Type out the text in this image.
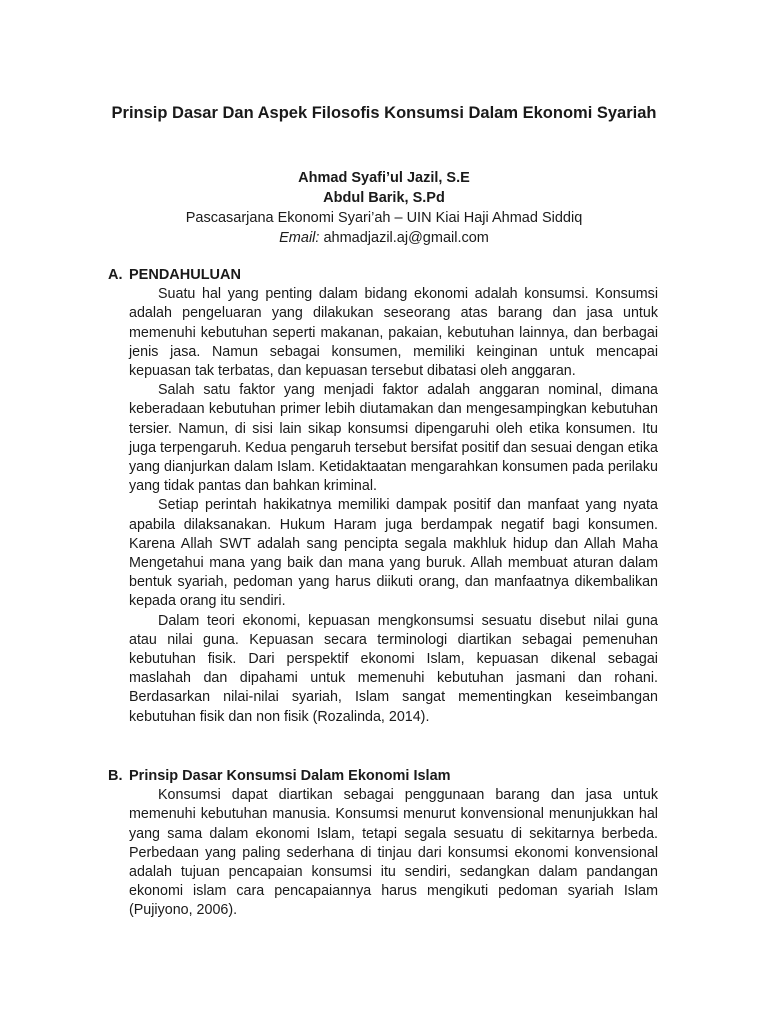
Prinsip Dasar Dan Aspek Filosofis Konsumsi Dalam Ekonomi Syariah
Ahmad Syafi’ul Jazil, S.E
Abdul Barik, S.Pd
Pascasarjana Ekonomi Syari’ah – UIN Kiai Haji Ahmad Siddiq
Email: ahmadjazil.aj@gmail.com
A. PENDAHULUAN

Suatu hal yang penting dalam bidang ekonomi adalah konsumsi. Konsumsi adalah pengeluaran yang dilakukan seseorang atas barang dan jasa untuk memenuhi kebutuhan seperti makanan, pakaian, kebutuhan lainnya, dan berbagai jenis jasa. Namun sebagai konsumen, memiliki keinginan untuk mencapai kepuasan tak terbatas, dan kepuasan tersebut dibatasi oleh anggaran.

Salah satu faktor yang menjadi faktor adalah anggaran nominal, dimana keberadaan kebutuhan primer lebih diutamakan dan mengesampingkan kebutuhan tersier. Namun, di sisi lain sikap konsumsi dipengaruhi oleh etika konsumen. Itu juga terpengaruh. Kedua pengaruh tersebut bersifat positif dan sesuai dengan etika yang dianjurkan dalam Islam. Ketidaktaatan mengarahkan konsumen pada perilaku yang tidak pantas dan bahkan kriminal.

Setiap perintah hakikatnya memiliki dampak positif dan manfaat yang nyata apabila dilaksanakan. Hukum Haram juga berdampak negatif bagi konsumen. Karena Allah SWT adalah sang pencipta segala makhluk hidup dan Allah Maha Mengetahui mana yang baik dan mana yang buruk. Allah membuat aturan dalam bentuk syariah, pedoman yang harus diikuti orang, dan manfaatnya dikembalikan kepada orang itu sendiri.

Dalam teori ekonomi, kepuasan mengkonsumsi sesuatu disebut nilai guna atau nilai guna. Kepuasan secara terminologi diartikan sebagai pemenuhan kebutuhan fisik. Dari perspektif ekonomi Islam, kepuasan dikenal sebagai maslahah dan dipahami untuk memenuhi kebutuhan jasmani dan rohani. Berdasarkan nilai-nilai syariah, Islam sangat mementingkan keseimbangan kebutuhan fisik dan non fisik (Rozalinda, 2014).

B. Prinsip Dasar Konsumsi Dalam Ekonomi Islam

Konsumsi dapat diartikan sebagai penggunaan barang dan jasa untuk memenuhi kebutuhan manusia. Konsumsi menurut konvensional menunjukkan hal yang sama dalam ekonomi Islam, tetapi segala sesuatu di sekitarnya berbeda. Perbedaan yang paling sederhana di tinjau dari konsumsi ekonomi konvensional adalah tujuan pencapaian konsumsi itu sendiri, sedangkan dalam pandangan ekonomi islam cara pencapaiannya harus mengikuti pedoman syariah Islam (Pujiyono, 2006).
